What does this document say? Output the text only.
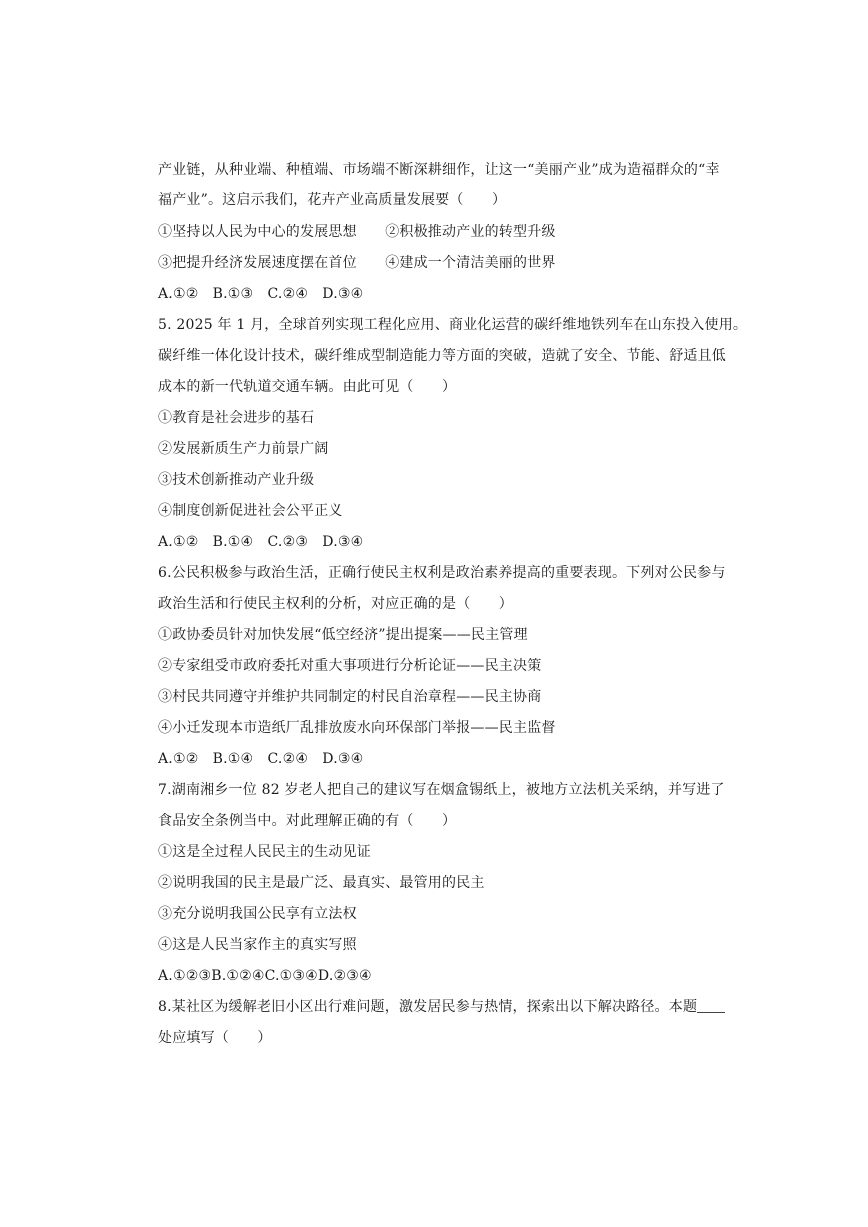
产业链，从种业端、种植端、市场端不断深耕细作，让这一“美丽产业”成为造福群众的“幸
福产业”。这启示我们，花卉产业高质量发展要（　　）
①坚持以人民为中心的发展思想　　②积极推动产业的转型升级
③把提升经济发展速度摆在首位　　④建成一个清洁美丽的世界
A.①②　B.①③　C.②④　D.③④
5. 2025 年 1 月，全球首列实现工程化应用、商业化运营的碳纤维地铁列车在山东投入使用。
碳纤维一体化设计技术，碳纤维成型制造能力等方面的突破，造就了安全、节能、舒适且低
成本的新一代轨道交通车辆。由此可见（　　）
①教育是社会进步的基石
②发展新质生产力前景广阔
③技术创新推动产业升级
④制度创新促进社会公平正义
A.①②　B.①④　C.②③　D.③④
6.公民积极参与政治生活，正确行使民主权利是政治素养提高的重要表现。下列对公民参与
政治生活和行使民主权利的分析，对应正确的是（　　）
①政协委员针对加快发展“低空经济”提出提案——民主管理
②专家组受市政府委托对重大事项进行分析论证——民主决策
③村民共同遵守并维护共同制定的村民自治章程——民主协商
④小迁发现本市造纸厂乱排放废水向环保部门举报——民主监督
A.①②　B.①④　C.②④　D.③④
7.湖南湘乡一位 82 岁老人把自己的建议写在烟盒锡纸上，被地方立法机关采纳，并写进了
食品安全条例当中。对此理解正确的有（　　）
①这是全过程人民民主的生动见证
②说明我国的民主是最广泛、最真实、最管用的民主
③充分说明我国公民享有立法权
④这是人民当家作主的真实写照
A.①②③B.①②④C.①③④D.②③④
8.某社区为缓解老旧小区出行难问题，激发居民参与热情，探索出以下解决路径。本题
处应填写（　　）
